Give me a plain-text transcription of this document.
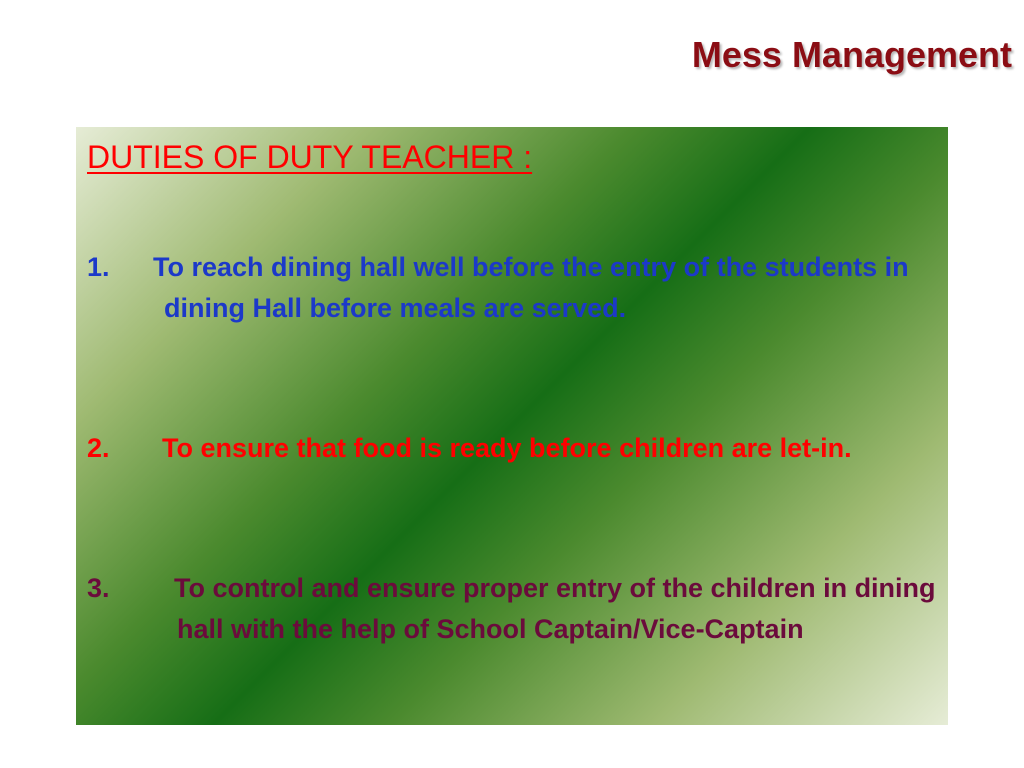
Mess Management
DUTIES OF DUTY TEACHER :
1.	To reach dining hall well before the entry of the students in dining Hall before meals are served.
2.	To ensure that food is ready before children are let-in.
3.	To control and ensure proper entry of the children in dining hall with the help of School Captain/Vice-Captain
